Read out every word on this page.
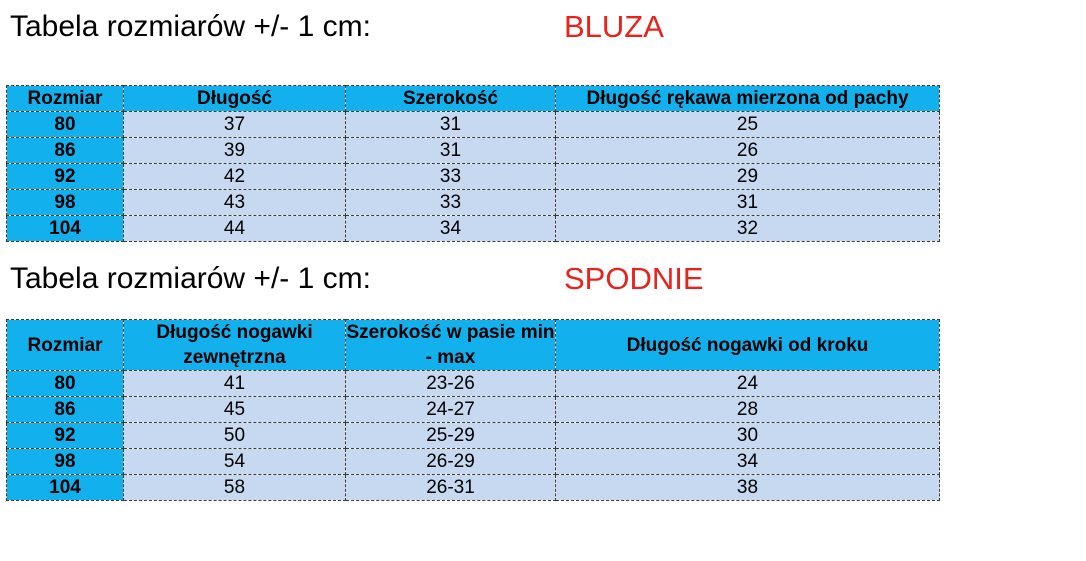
Tabela rozmiarów +/- 1 cm:	BLUZA
Rozmiar	Długość	Szerokość	Długość rękawa mierzona od pachy
80	37	31	25
86	39	31	26
92	42	33	29
98	43	33	31
104	44	34	32
Tabela rozmiarów +/- 1 cm:	SPODNIE
Rozmiar	Długość nogawki zewnętrzna	Szerokość w pasie min - max	Długość nogawki od kroku
80	41	23-26	24
86	45	24-27	28
92	50	25-29	30
98	54	26-29	34
104	58	26-31	38
